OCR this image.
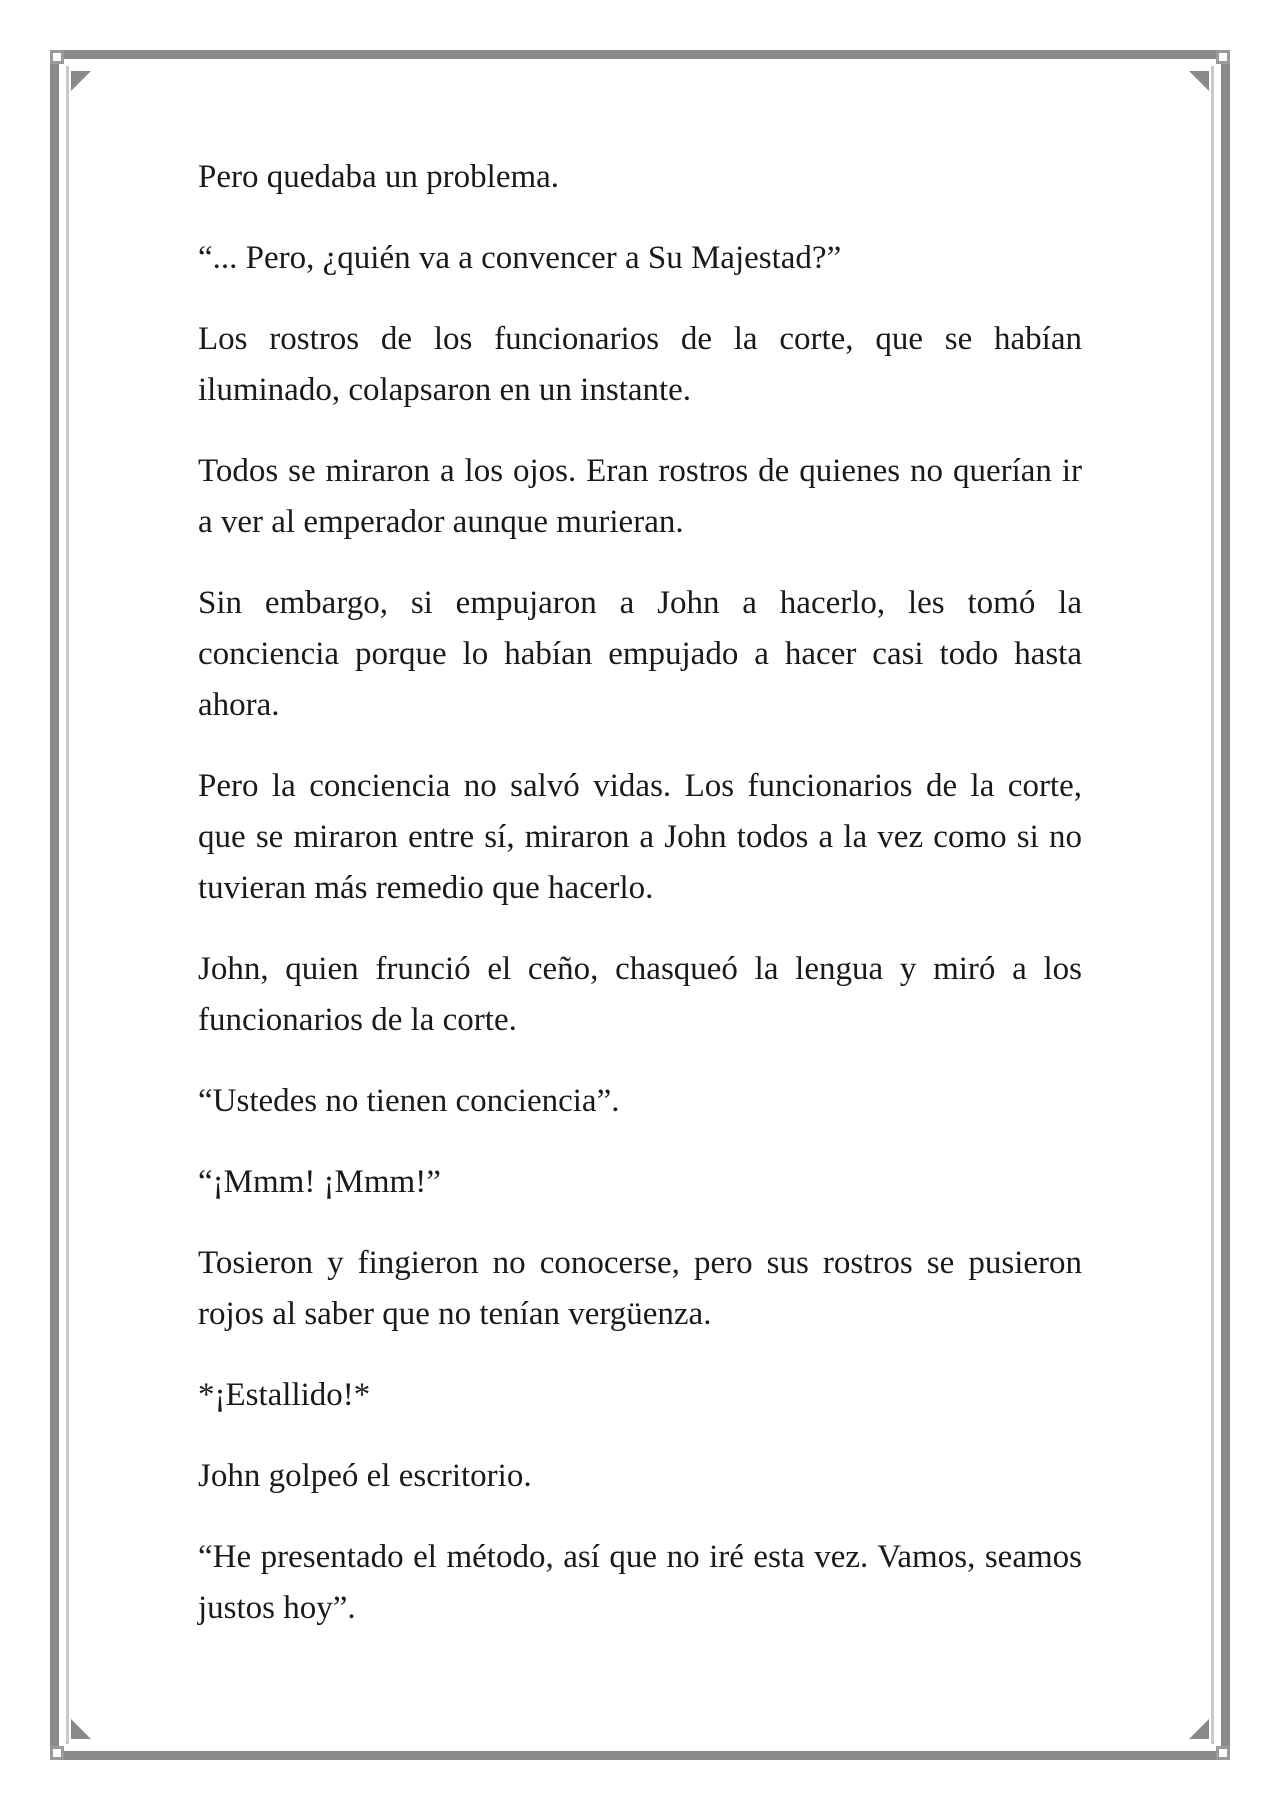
Pero quedaba un problema.

“... Pero, ¿quién va a convencer a Su Majestad?”

Los rostros de los funcionarios de la corte, que se habían iluminado, colapsaron en un instante.

Todos se miraron a los ojos. Eran rostros de quienes no querían ir a ver al emperador aunque murieran.

Sin embargo, si empujaron a John a hacerlo, les tomó la conciencia porque lo habían empujado a hacer casi todo hasta ahora.

Pero la conciencia no salvó vidas. Los funcionarios de la corte, que se miraron entre sí, miraron a John todos a la vez como si no tuvieran más remedio que hacerlo.

John, quien frunció el ceño, chasqueó la lengua y miró a los funcionarios de la corte.

“Ustedes no tienen conciencia”.

“¡Mmm! ¡Mmm!”

Tosieron y fingieron no conocerse, pero sus rostros se pusieron rojos al saber que no tenían vergüenza.

*¡Estallido!*

John golpeó el escritorio.

“He presentado el método, así que no iré esta vez. Vamos, seamos justos hoy”.
